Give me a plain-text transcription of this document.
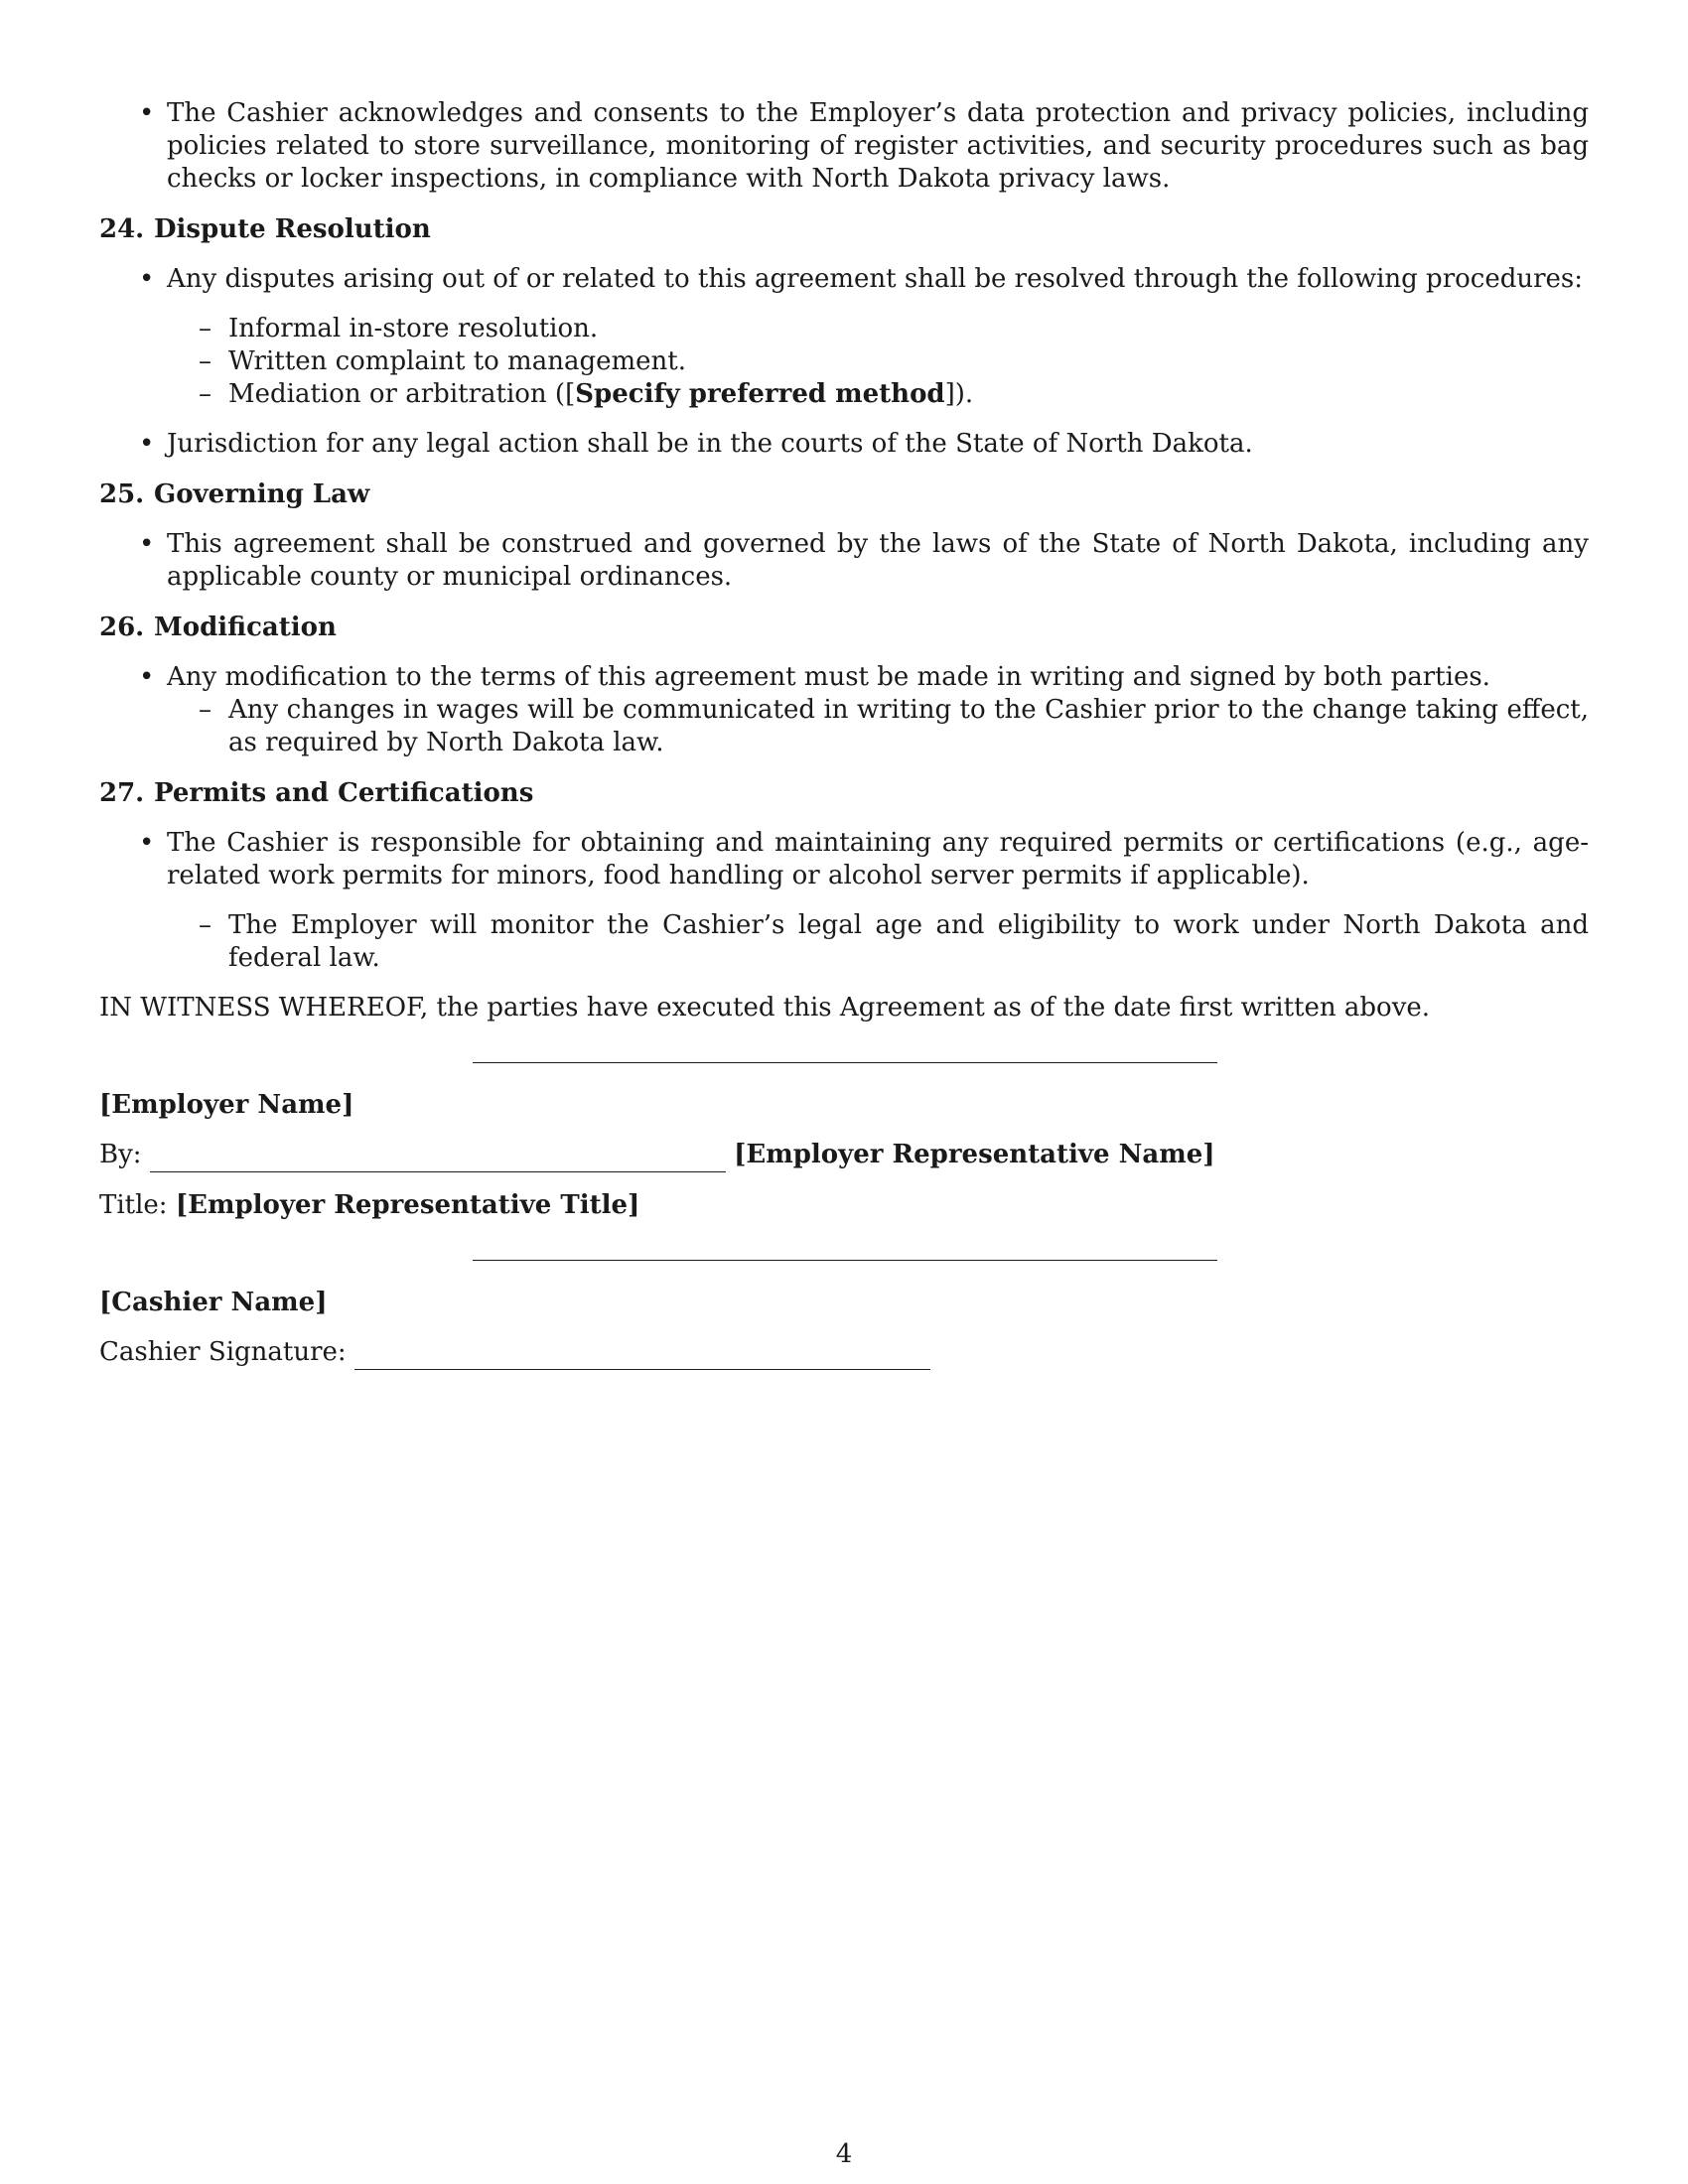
• The Cashier acknowledges and consents to the Employer’s data protection and privacy policies, including policies related to store surveillance, monitoring of register activities, and security procedures such as bag checks or locker inspections, in compliance with North Dakota privacy laws.
24. Dispute Resolution
• Any disputes arising out of or related to this agreement shall be resolved through the following procedures:
– Informal in-store resolution.
– Written complaint to management.
– Mediation or arbitration ([Specify preferred method]).
• Jurisdiction for any legal action shall be in the courts of the State of North Dakota.
25. Governing Law
• This agreement shall be construed and governed by the laws of the State of North Dakota, including any applicable county or municipal ordinances.
26. Modification
• Any modification to the terms of this agreement must be made in writing and signed by both parties.
– Any changes in wages will be communicated in writing to the Cashier prior to the change taking effect, as required by North Dakota law.
27. Permits and Certifications
• The Cashier is responsible for obtaining and maintaining any required permits or certifications (e.g., age-related work permits for minors, food handling or alcohol server permits if applicable).
– The Employer will monitor the Cashier’s legal age and eligibility to work under North Dakota and federal law.
IN WITNESS WHEREOF, the parties have executed this Agreement as of the date first written above.
[Employer Name]
By:	[Employer Representative Name]
Title: [Employer Representative Title]
[Cashier Name]
Cashier Signature:
4
